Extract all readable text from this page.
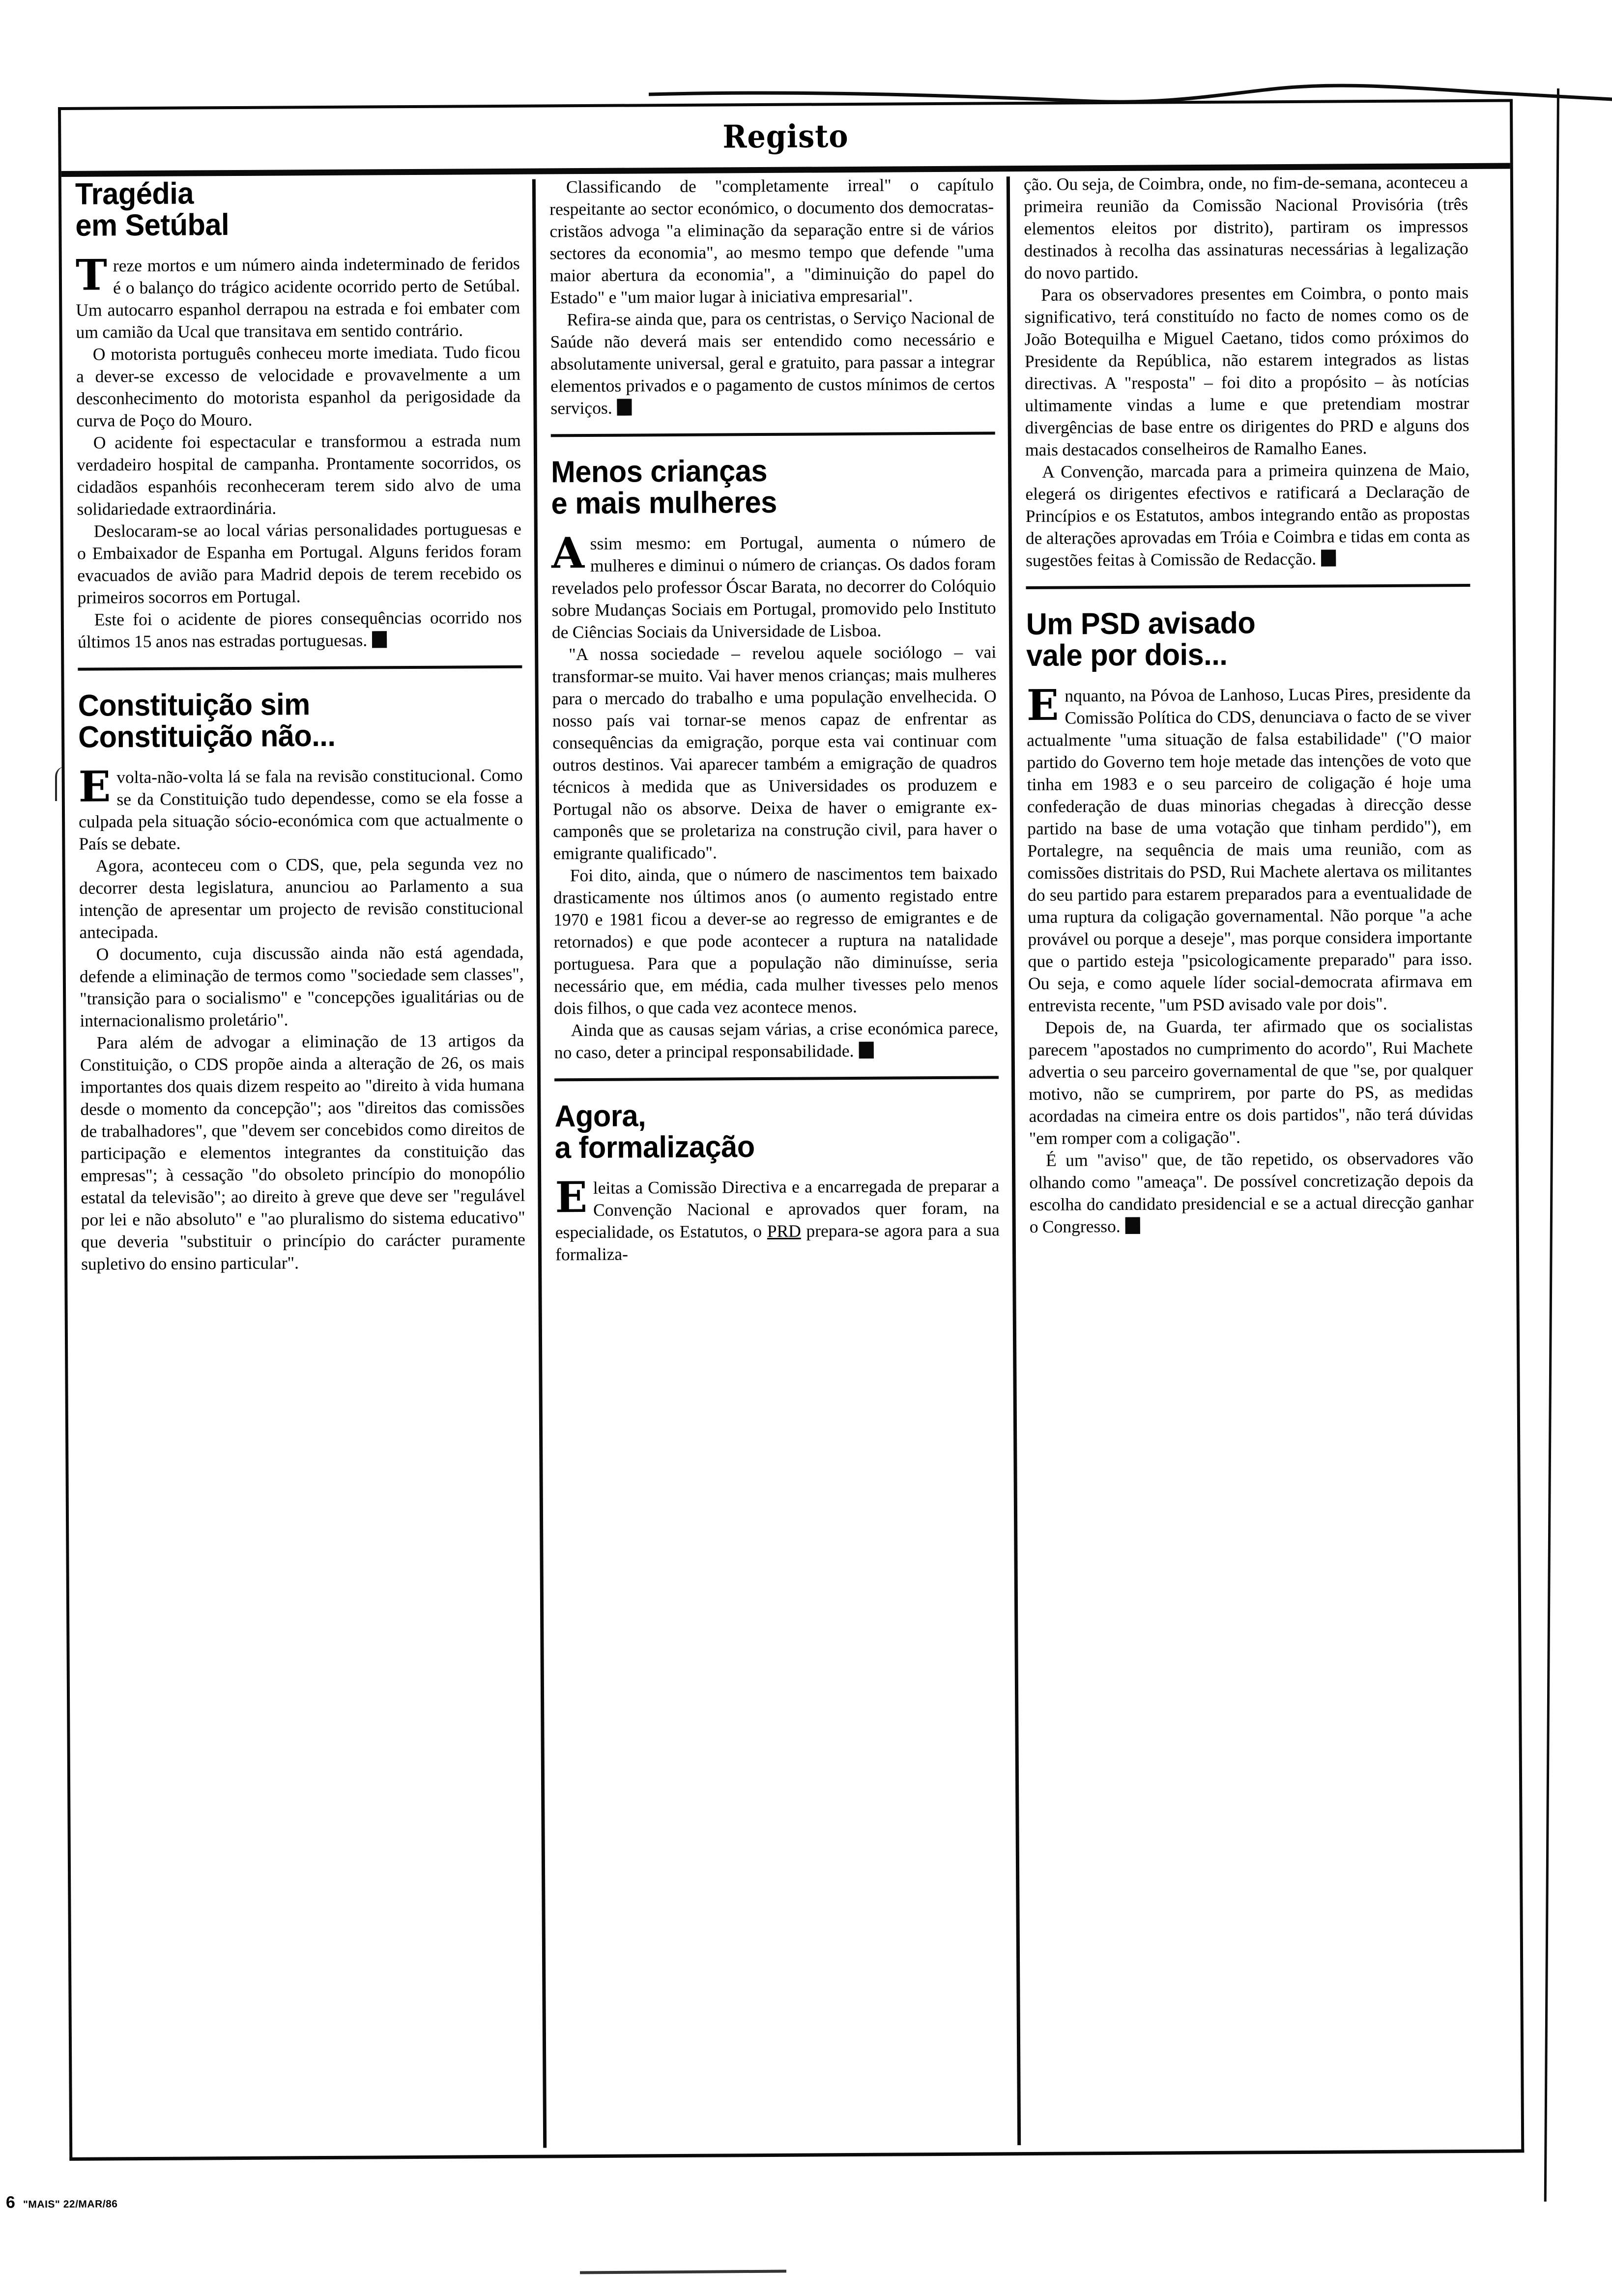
Registo
Tragédia
em Setúbal

Treze mortos e um número ainda indeterminado de feridos é o balanço do trágico acidente ocorrido perto de Setúbal. Um autocarro espanhol derrapou na estrada e foi embater com um camião da Ucal que transitava em sentido contrário.

O motorista português conheceu morte imediata. Tudo ficou a dever-se excesso de velocidade e provavelmente a um desconhecimento do motorista espanhol da perigosidade da curva de Poço do Mouro.

O acidente foi espectacular e transformou a estrada num verdadeiro hospital de campanha. Prontamente socorridos, os cidadãos espanhóis reconheceram terem sido alvo de uma solidariedade extraordinária.

Deslocaram-se ao local várias personalidades portuguesas e o Embaixador de Espanha em Portugal. Alguns feridos foram evacuados de avião para Madrid depois de terem recebido os primeiros socorros em Portugal.

Este foi o acidente de piores consequências ocorrido nos últimos 15 anos nas estradas portuguesas.M

Constituição sim
Constituição não...

Evolta-não-volta lá se fala na revisão constitucional. Como se da Constituição tudo dependesse, como se ela fosse a culpada pela situação sócio-económica com que actualmente o País se debate.

Agora, aconteceu com o CDS, que, pela segunda vez no decorrer desta legislatura, anunciou ao Parlamento a sua intenção de apresentar um projecto de revisão constitucional antecipada.

O documento, cuja discussão ainda não está agendada, defende a eliminação de termos como "sociedade sem classes", "transição para o socialismo" e "concepções igualitárias ou de internacionalismo proletário".

Para além de advogar a eliminação de 13 artigos da Constituição, o CDS propõe ainda a alteração de 26, os mais importantes dos quais dizem respeito ao "direito à vida humana desde o momento da concepção"; aos "direitos das comissões de trabalhadores", que "devem ser concebidos como direitos de participação e elementos integrantes da constituição das empresas"; à cessação "do obsoleto princípio do monopólio estatal da televisão"; ao direito à greve que deve ser "regulável por lei e não absoluto" e "ao pluralismo do sistema educativo" que deveria "substituir o princípio do carácter puramente supletivo do ensino particular".

Classificando de "completamente irreal" o capítulo respeitante ao sector económico, o documento dos democratas-cristãos advoga "a eliminação da separação entre si de vários sectores da economia", ao mesmo tempo que defende "uma maior abertura da economia", a "diminuição do papel do Estado" e "um maior lugar à iniciativa empresarial".

Refira-se ainda que, para os centristas, o Serviço Nacional de Saúde não deverá mais ser entendido como necessário e absolutamente universal, geral e gratuito, para passar a integrar elementos privados e o pagamento de custos mínimos de certos serviços.M

Menos crianças
e mais mulheres

Assim mesmo: em Portugal, aumenta o número de mulheres e diminui o número de crianças. Os dados foram revelados pelo professor Óscar Barata, no decorrer do Colóquio sobre Mudanças Sociais em Portugal, promovido pelo Instituto de Ciências Sociais da Universidade de Lisboa.

"A nossa sociedade – revelou aquele sociólogo – vai transformar-se muito. Vai haver menos crianças; mais mulheres para o mercado do trabalho e uma população envelhecida. O nosso país vai tornar-se menos capaz de enfrentar as consequências da emigração, porque esta vai continuar com outros destinos. Vai aparecer também a emigração de quadros técnicos à medida que as Universidades os produzem e Portugal não os absorve. Deixa de haver o emigrante ex-camponês que se proletariza na construção civil, para haver o emigrante qualificado".

Foi dito, ainda, que o número de nascimentos tem baixado drasticamente nos últimos anos (o aumento registado entre 1970 e 1981 ficou a dever-se ao regresso de emigrantes e de retornados) e que pode acontecer a ruptura na natalidade portuguesa. Para que a população não diminuísse, seria necessário que, em média, cada mulher tivesses pelo menos dois filhos, o que cada vez acontece menos.

Ainda que as causas sejam várias, a crise económica parece, no caso, deter a principal responsabilidade.M

Agora,
a formalização

Eleitas a Comissão Directiva e a encarregada de preparar a Convenção Nacional e aprovados quer foram, na especialidade, os Estatutos, o PRD prepara-se agora para a sua formaliza-

ção. Ou seja, de Coimbra, onde, no fim-de-semana, aconteceu a primeira reunião da Comissão Nacional Provisória (três elementos eleitos por distrito), partiram os impressos destinados à recolha das assinaturas necessárias à legalização do novo partido.

Para os observadores presentes em Coimbra, o ponto mais significativo, terá constituído no facto de nomes como os de João Botequilha e Miguel Caetano, tidos como próximos do Presidente da República, não estarem integrados as listas directivas. A "resposta" – foi dito a propósito – às notícias ultimamente vindas a lume e que pretendiam mostrar divergências de base entre os dirigentes do PRD e alguns dos mais destacados conselheiros de Ramalho Eanes.

A Convenção, marcada para a primeira quinzena de Maio, elegerá os dirigentes efectivos e ratificará a Declaração de Princípios e os Estatutos, ambos integrando então as propostas de alterações aprovadas em Tróia e Coimbra e tidas em conta as sugestões feitas à Comissão de Redacção.M

Um PSD avisado
vale por dois...

Enquanto, na Póvoa de Lanhoso, Lucas Pires, presidente da Comissão Política do CDS, denunciava o facto de se viver actualmente "uma situação de falsa estabilidade" ("O maior partido do Governo tem hoje metade das intenções de voto que tinha em 1983 e o seu parceiro de coligação é hoje uma confederação de duas minorias chegadas à direcção desse partido na base de uma votação que tinham perdido"), em Portalegre, na sequência de mais uma reunião, com as comissões distritais do PSD, Rui Machete alertava os militantes do seu partido para estarem preparados para a eventualidade de uma ruptura da coligação governamental. Não porque "a ache provável ou porque a deseje", mas porque considera importante que o partido esteja "psicologicamente preparado" para isso. Ou seja, e como aquele líder social-democrata afirmava em entrevista recente, "um PSD avisado vale por dois".

Depois de, na Guarda, ter afirmado que os socialistas parecem "apostados no cumprimento do acordo", Rui Machete advertia o seu parceiro governamental de que "se, por qualquer motivo, não se cumprirem, por parte do PS, as medidas acordadas na cimeira entre os dois partidos", não terá dúvidas "em romper com a coligação".

É um "aviso" que, de tão repetido, os observadores vão olhando como "ameaça". De possível concretização depois da escolha do candidato presidencial e se a actual direcção ganhar o Congresso.M

6 "MAIS" 22/MAR/86
